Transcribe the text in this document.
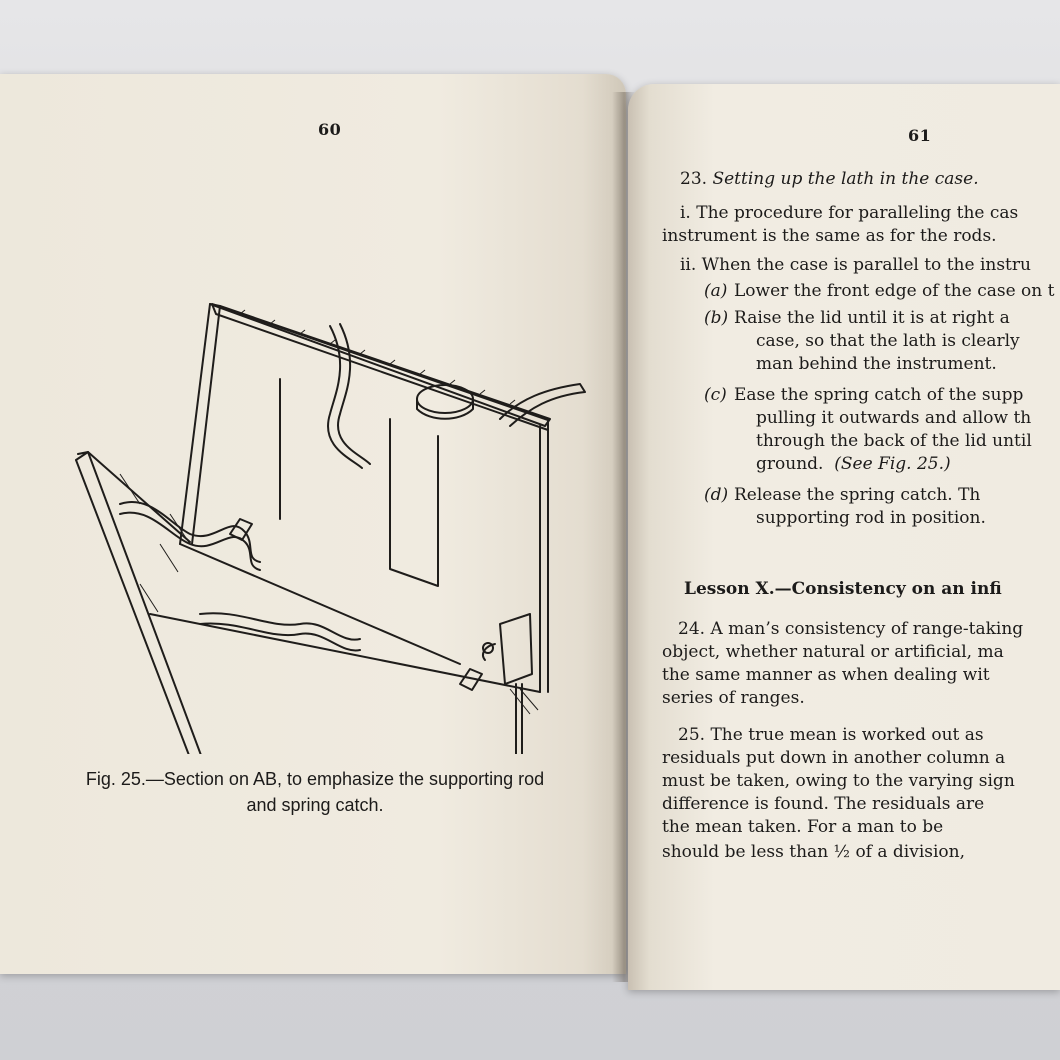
60
Fig. 25.—Section on AB, to emphasize the supporting rod
and spring catch.
61
23. Setting up the lath in the case.
i. The procedure for paralleling the cas
instrument is the same as for the rods.
ii. When the case is parallel to the instru
(a) Lower the front edge of the case on t
(b) Raise the lid until it is at right a
case, so that the lath is clearly
man behind the instrument.
(c) Ease the spring catch of the supp
pulling it outwards and allow th
through the back of the lid until
ground. (See Fig. 25.)
(d) Release the spring catch. Th
supporting rod in position.
Lesson X.—Consistency on an infi
24. A man’s consistency of range-taking
object, whether natural or artificial, ma
the same manner as when dealing wit
series of ranges.
25. The true mean is worked out as
residuals put down in another column a
must be taken, owing to the varying sign
difference is found. The residuals are
the mean taken. For a man to be
should be less than ½ of a division,
